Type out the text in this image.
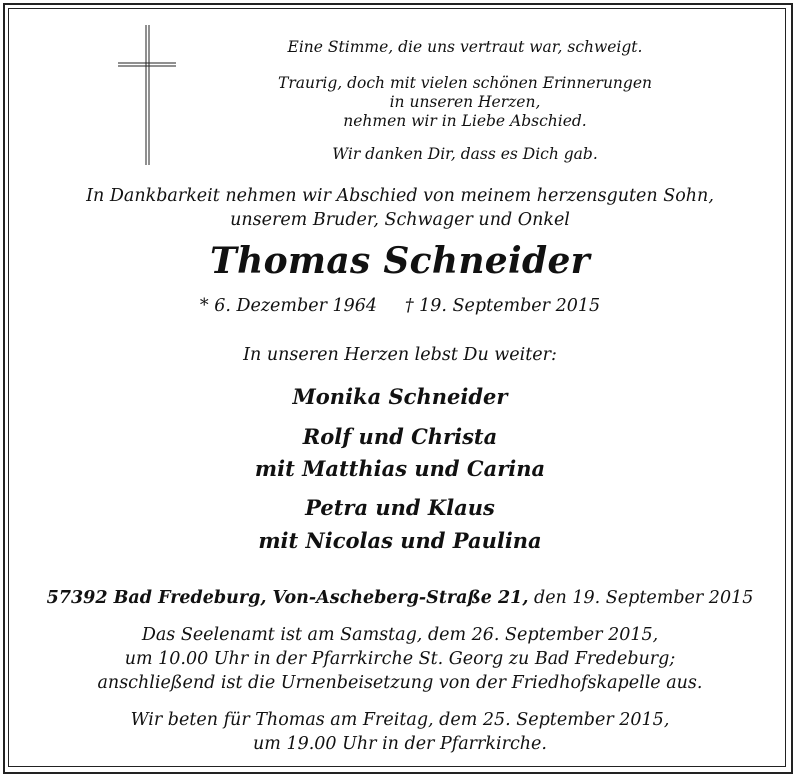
Eine Stimme, die uns vertraut war, schweigt.
Traurig, doch mit vielen schönen Erinnerungen
in unseren Herzen,
nehmen wir in Liebe Abschied.
Wir danken Dir, dass es Dich gab.
In Dankbarkeit nehmen wir Abschied von meinem herzensguten Sohn,
unserem Bruder, Schwager und Onkel
Thomas Schneider
* 6. Dezember 1964     † 19. September 2015
In unseren Herzen lebst Du weiter:
Monika Schneider
Rolf und Christa
mit Matthias und Carina
Petra und Klaus
mit Nicolas und Paulina
57392 Bad Fredeburg, Von-Ascheberg-Straße 21, den 19. September 2015
Das Seelenamt ist am Samstag, dem 26. September 2015,
um 10.00 Uhr in der Pfarrkirche St. Georg zu Bad Fredeburg;
anschließend ist die Urnenbeisetzung von der Friedhofskapelle aus.
Wir beten für Thomas am Freitag, dem 25. September 2015,
um 19.00 Uhr in der Pfarrkirche.
